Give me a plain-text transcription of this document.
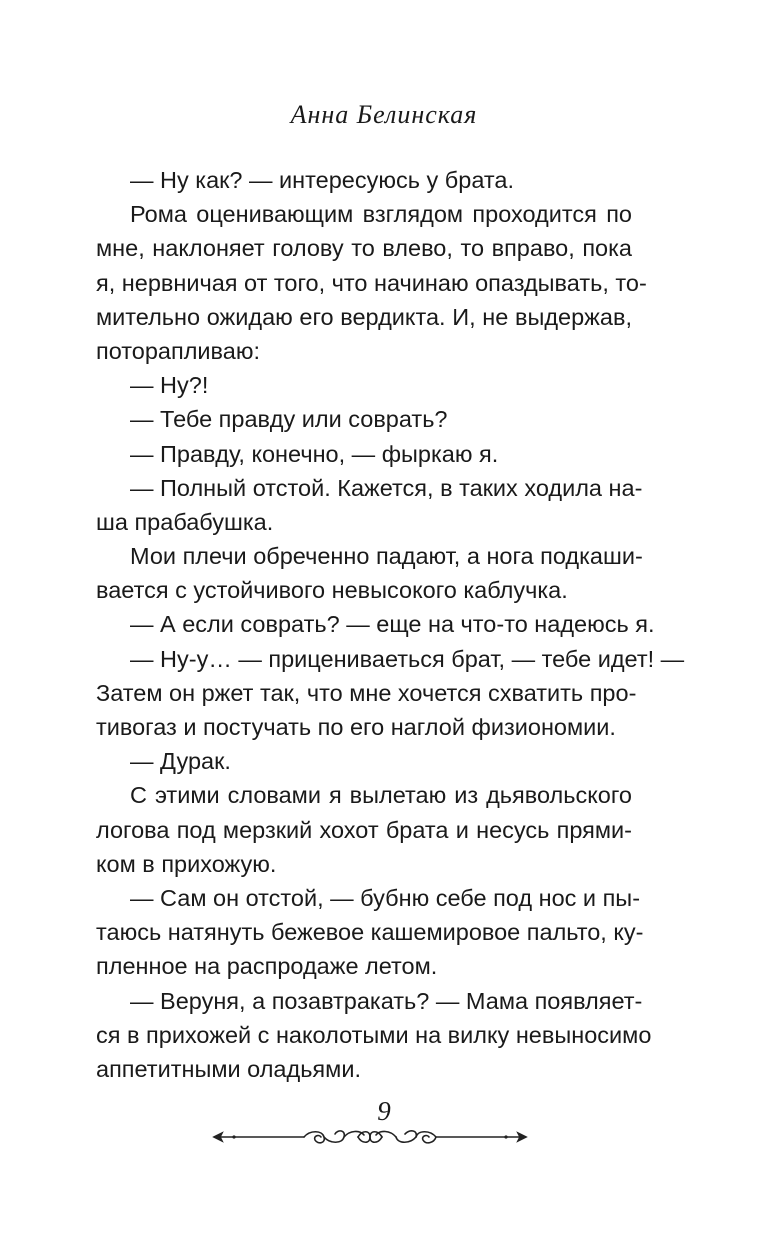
Анна Белинская
— Ну как? — интересуюсь у брата.
Рома оценивающим взглядом проходится по
мне, наклоняет голову то влево, то вправо, пока
я, нервничая от того, что начинаю опаздывать, то-
мительно ожидаю его вердикта. И, не выдержав,
поторапливаю:
— Ну?!
— Тебе правду или соврать?
— Правду, конечно, — фыркаю я.
— Полный отстой. Кажется, в таких ходила на-
ша прабабушка.
Мои плечи обреченно падают, а нога подкаши-
вается с устойчивого невысокого каблучка.
— А если соврать? — еще на что-то надеюсь я.
— Ну-у… — прицениваеться брат, — тебе идет! —
Затем он ржет так, что мне хочется схватить про-
тивогаз и постучать по его наглой физиономии.
— Дурак.
С этими словами я вылетаю из дьявольского
логова под мерзкий хохот брата и несусь прями-
ком в прихожую.
— Сам он отстой, — бубню себе под нос и пы-
таюсь натянуть бежевое кашемировое пальто, ку-
пленное на распродаже летом.
— Веруня, а позавтракать? — Мама появляет-
ся в прихожей с наколотыми на вилку невыносимо
аппетитными оладьями.
9
